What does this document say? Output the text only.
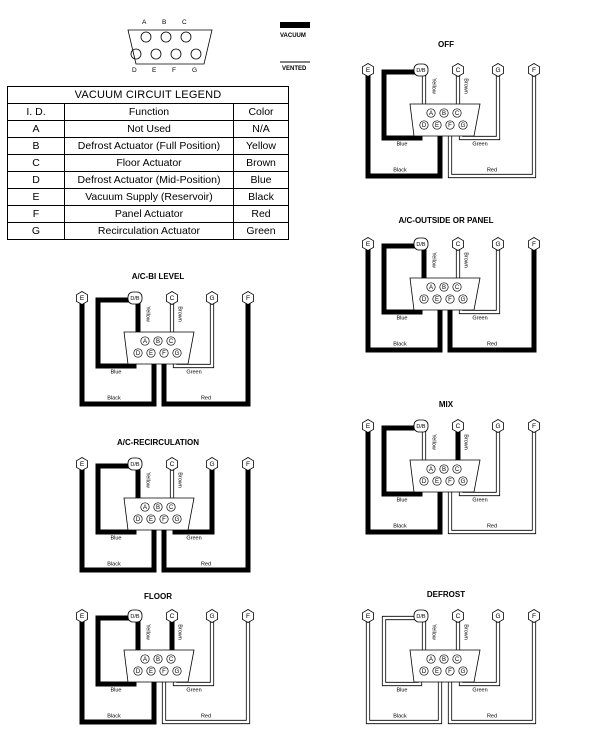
A B C
D E F G
VACUUM
VENTED
VACUUM CIRCUIT LEGEND		
I. D.	Function	Color
A	Not Used	N/A
B	Defrost Actuator (Full Position)	Yellow
C	Floor Actuator	Brown
D	Defrost Actuator (Mid-Position)	Blue
E	Vacuum Supply (Reservoir)	Black
F	Panel Actuator	Red
G	Recirculation Actuator	Green
OFF
A/C-OUTSIDE OR PANEL
A/C-BI LEVEL
MIX
A/C-RECIRCULATION
FLOOR	DEFROST
E	D/B	C	G	F
Yellow	Brown
A B C
D E F G
Blue	Green
Black	Red
E	D/B	C	G	F
Yellow	Brown
A B C
D E F G
Blue	Green
Black	Red
E	D/B	C	G	F
Yellow	Brown
A B C
D E F G
Blue	Green
Black	Red
E	D/B	C	G	F
Yellow	Brown
A B C
D E F G
Blue	Green
Black	Red
E	D/B	C	G	F
Yellow	Brown
A B C
D E F G
Blue	Green
Black	Red
E	D/B	C	G	F
Yellow	Brown
A B C
D E F G
Blue	Green
Black	Red
E	D/B	C	G	F
Yellow	Brown
A B C
D E F G
Blue	Green
Black	Red
